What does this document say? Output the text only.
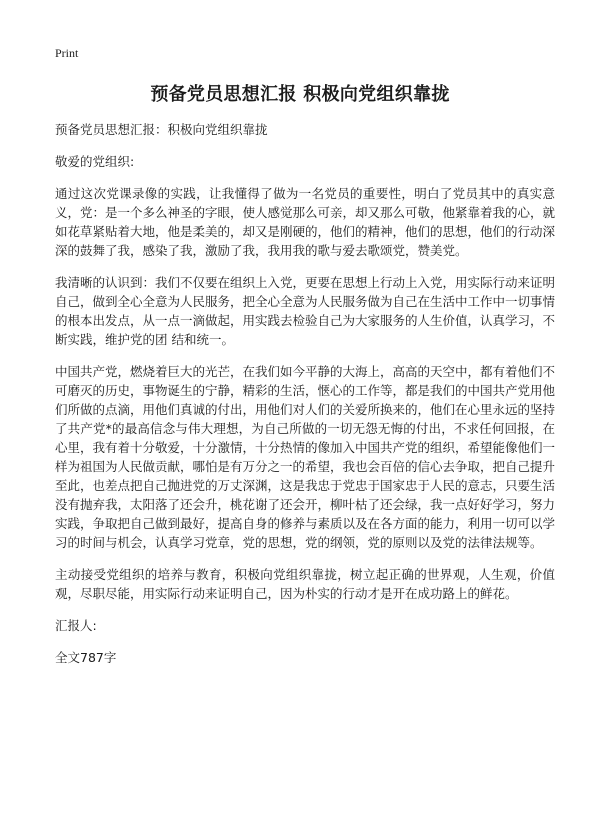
Print
预备党员思想汇报 积极向党组织靠拢

预备党员思想汇报：积极向党组织靠拢

敬爱的党组织:

通过这次党课录像的实践，让我懂得了做为一名党员的重要性，明白了党员其中的真实意义，党：是一个多么神圣的字眼，使人感觉那么可亲，却又那么可敬，他紧靠着我的心，就如花草紧贴着大地，他是柔美的，却又是刚硬的，他们的精神，他们的思想，他们的行动深深的鼓舞了我，感染了我，激励了我，我用我的歌与爱去歌颂党，赞美党。

我清晰的认识到：我们不仅要在组织上入党，更要在思想上行动上入党，用实际行动来证明自己，做到全心全意为人民服务，把全心全意为人民服务做为自己在生活中工作中一切事情的根本出发点，从一点一滴做起，用实践去检验自己为大家服务的人生价值，认真学习，不断实践，维护党的团 结和统一。

中国共产党，燃烧着巨大的光芒，在我们如今平静的大海上，高高的天空中，都有着他们不可磨灭的历史，事物诞生的宁静，精彩的生活，惬心的工作等，都是我们的中国共产党用他们所做的点滴，用他们真诚的付出，用他们对人们的关爱所换来的，他们在心里永远的坚持了共产党*的最高信念与伟大理想，为自己所做的一切无怨无悔的付出，不求任何回报，在心里，我有着十分敬爱，十分激情，十分热情的像加入中国共产党的组织，希望能像他们一样为祖国为人民做贡献，哪怕是有万分之一的希望，我也会百倍的信心去争取，把自己提升至此，也差点把自己抛进党的万丈深渊，这是我忠于党忠于国家忠于人民的意志，只要生活没有抛弃我，太阳落了还会升，桃花谢了还会开，柳叶枯了还会绿，我一点好好学习，努力实践，争取把自己做到最好，提高自身的修养与素质以及在各方面的能力，利用一切可以学习的时间与机会，认真学习党章，党的思想，党的纲领，党的原则以及党的法律法规等。

主动接受党组织的培养与教育，积极向党组织靠拢，树立起正确的世界观，人生观，价值观，尽职尽能，用实际行动来证明自己，因为朴实的行动才是开在成功路上的鲜花。

汇报人:

全文787字
